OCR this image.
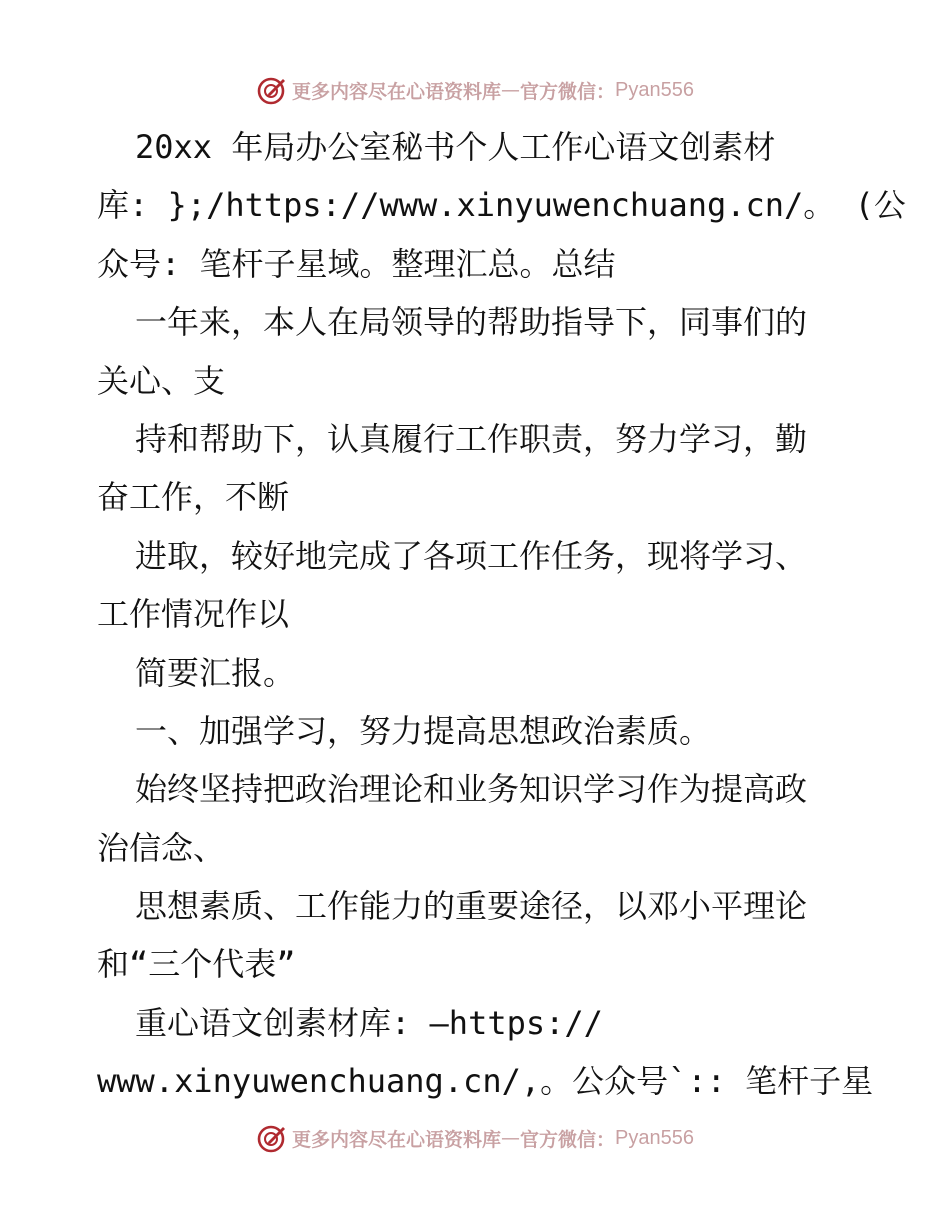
更多内容尽在心语资料库 — 官方微信： Pyan556
20xx 年局办公室秘书个人工作心语文创素材
库: };/https://www.xinyuwenchuang.cn/。 (公
众号: 笔杆子星域。整理汇总。总结
一年来，本人在局领导的帮助指导下，同事们的
关心、支
持和帮助下，认真履行工作职责，努力学习，勤
奋工作，不断
进取，较好地完成了各项工作任务，现将学习、
工作情况作以
简要汇报。
一、加强学习，努力提高思想政治素质。
始终坚持把政治理论和业务知识学习作为提高政
治信念、
思想素质、工作能力的重要途径，以邓小平理论
和“三个代表”
重心语文创素材库: —https://
www.xinyuwenchuang.cn/,。公众号`:: 笔杆子星
更多内容尽在心语资料库 — 官方微信： Pyan556
